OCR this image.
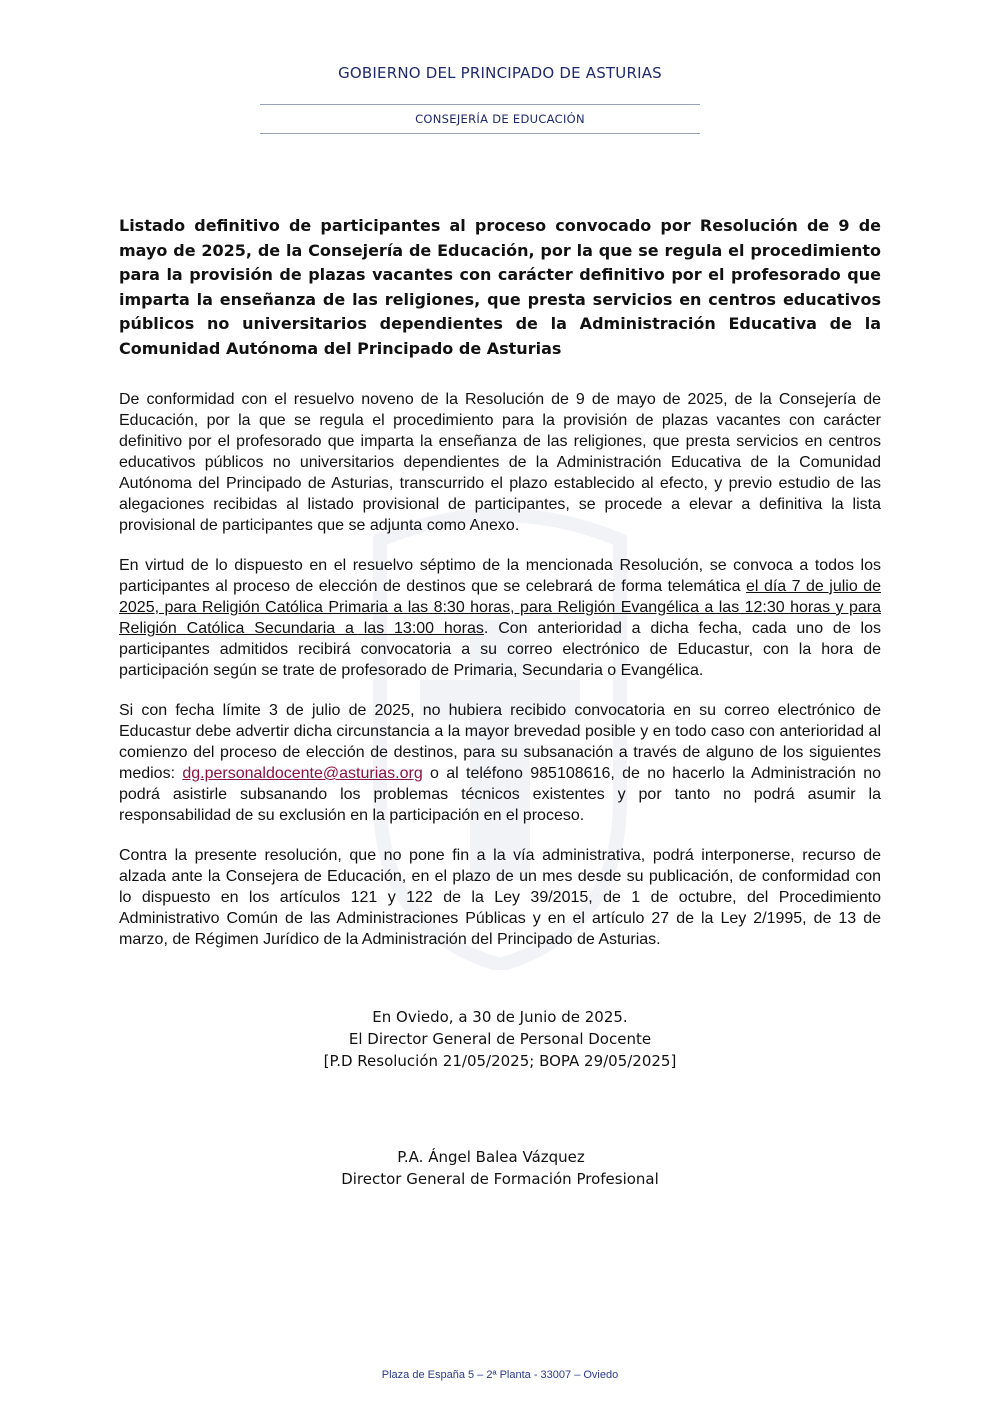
GOBIERNO DEL PRINCIPADO DE ASTURIAS

CONSEJERÍA DE EDUCACIÓN

Listado definitivo de participantes al proceso convocado por Resolución de 9 de mayo de 2025, de la Consejería de Educación, por la que se regula el procedimiento para la provisión de plazas vacantes con carácter definitivo por el profesorado que imparta la enseñanza de las religiones, que presta servicios en centros educativos públicos no universitarios dependientes de la Administración Educativa de la Comunidad Autónoma del Principado de Asturias

De conformidad con el resuelvo noveno de la Resolución de 9 de mayo de 2025, de la Consejería de Educación, por la que se regula el procedimiento para la provisión de plazas vacantes con carácter definitivo por el profesorado que imparta la enseñanza de las religiones, que presta servicios en centros educativos públicos no universitarios dependientes de la Administración Educativa de la Comunidad Autónoma del Principado de Asturias, transcurrido el plazo establecido al efecto, y previo estudio de las alegaciones recibidas al listado provisional de participantes, se procede a elevar a definitiva la lista provisional de participantes que se adjunta como Anexo.

En virtud de lo dispuesto en el resuelvo séptimo de la mencionada Resolución, se convoca a todos los participantes al proceso de elección de destinos que se celebrará de forma telemática el día 7 de julio de 2025, para Religión Católica Primaria a las 8:30 horas, para Religión Evangélica a las 12:30 horas y para Religión Católica Secundaria a las 13:00 horas. Con anterioridad a dicha fecha, cada uno de los participantes admitidos recibirá convocatoria a su correo electrónico de Educastur, con la hora de participación según se trate de profesorado de Primaria, Secundaria o Evangélica.

Si con fecha límite 3 de julio de 2025, no hubiera recibido convocatoria en su correo electrónico de Educastur debe advertir dicha circunstancia a la mayor brevedad posible y en todo caso con anterioridad al comienzo del proceso de elección de destinos, para su subsanación a través de alguno de los siguientes medios: dg.personaldocente@asturias.org o al teléfono 985108616, de no hacerlo la Administración no podrá asistirle subsanando los problemas técnicos existentes y por tanto no podrá asumir la responsabilidad de su exclusión en la participación en el proceso.

Contra la presente resolución, que no pone fin a la vía administrativa, podrá interponerse, recurso de alzada ante la Consejera de Educación, en el plazo de un mes desde su publicación, de conformidad con lo dispuesto en los artículos 121 y 122 de la Ley 39/2015, de 1 de octubre, del Procedimiento Administrativo Común de las Administraciones Públicas y en el artículo 27 de la Ley 2/1995, de 13 de marzo, de Régimen Jurídico de la Administración del Principado de Asturias.

En Oviedo, a 30 de Junio de 2025.
El Director General de Personal Docente
[P.D Resolución 21/05/2025; BOPA 29/05/2025]
P.A. Ángel Balea Vázquez
Director General de Formación Profesional
Plaza de España 5 – 2ª Planta - 33007 – Oviedo
